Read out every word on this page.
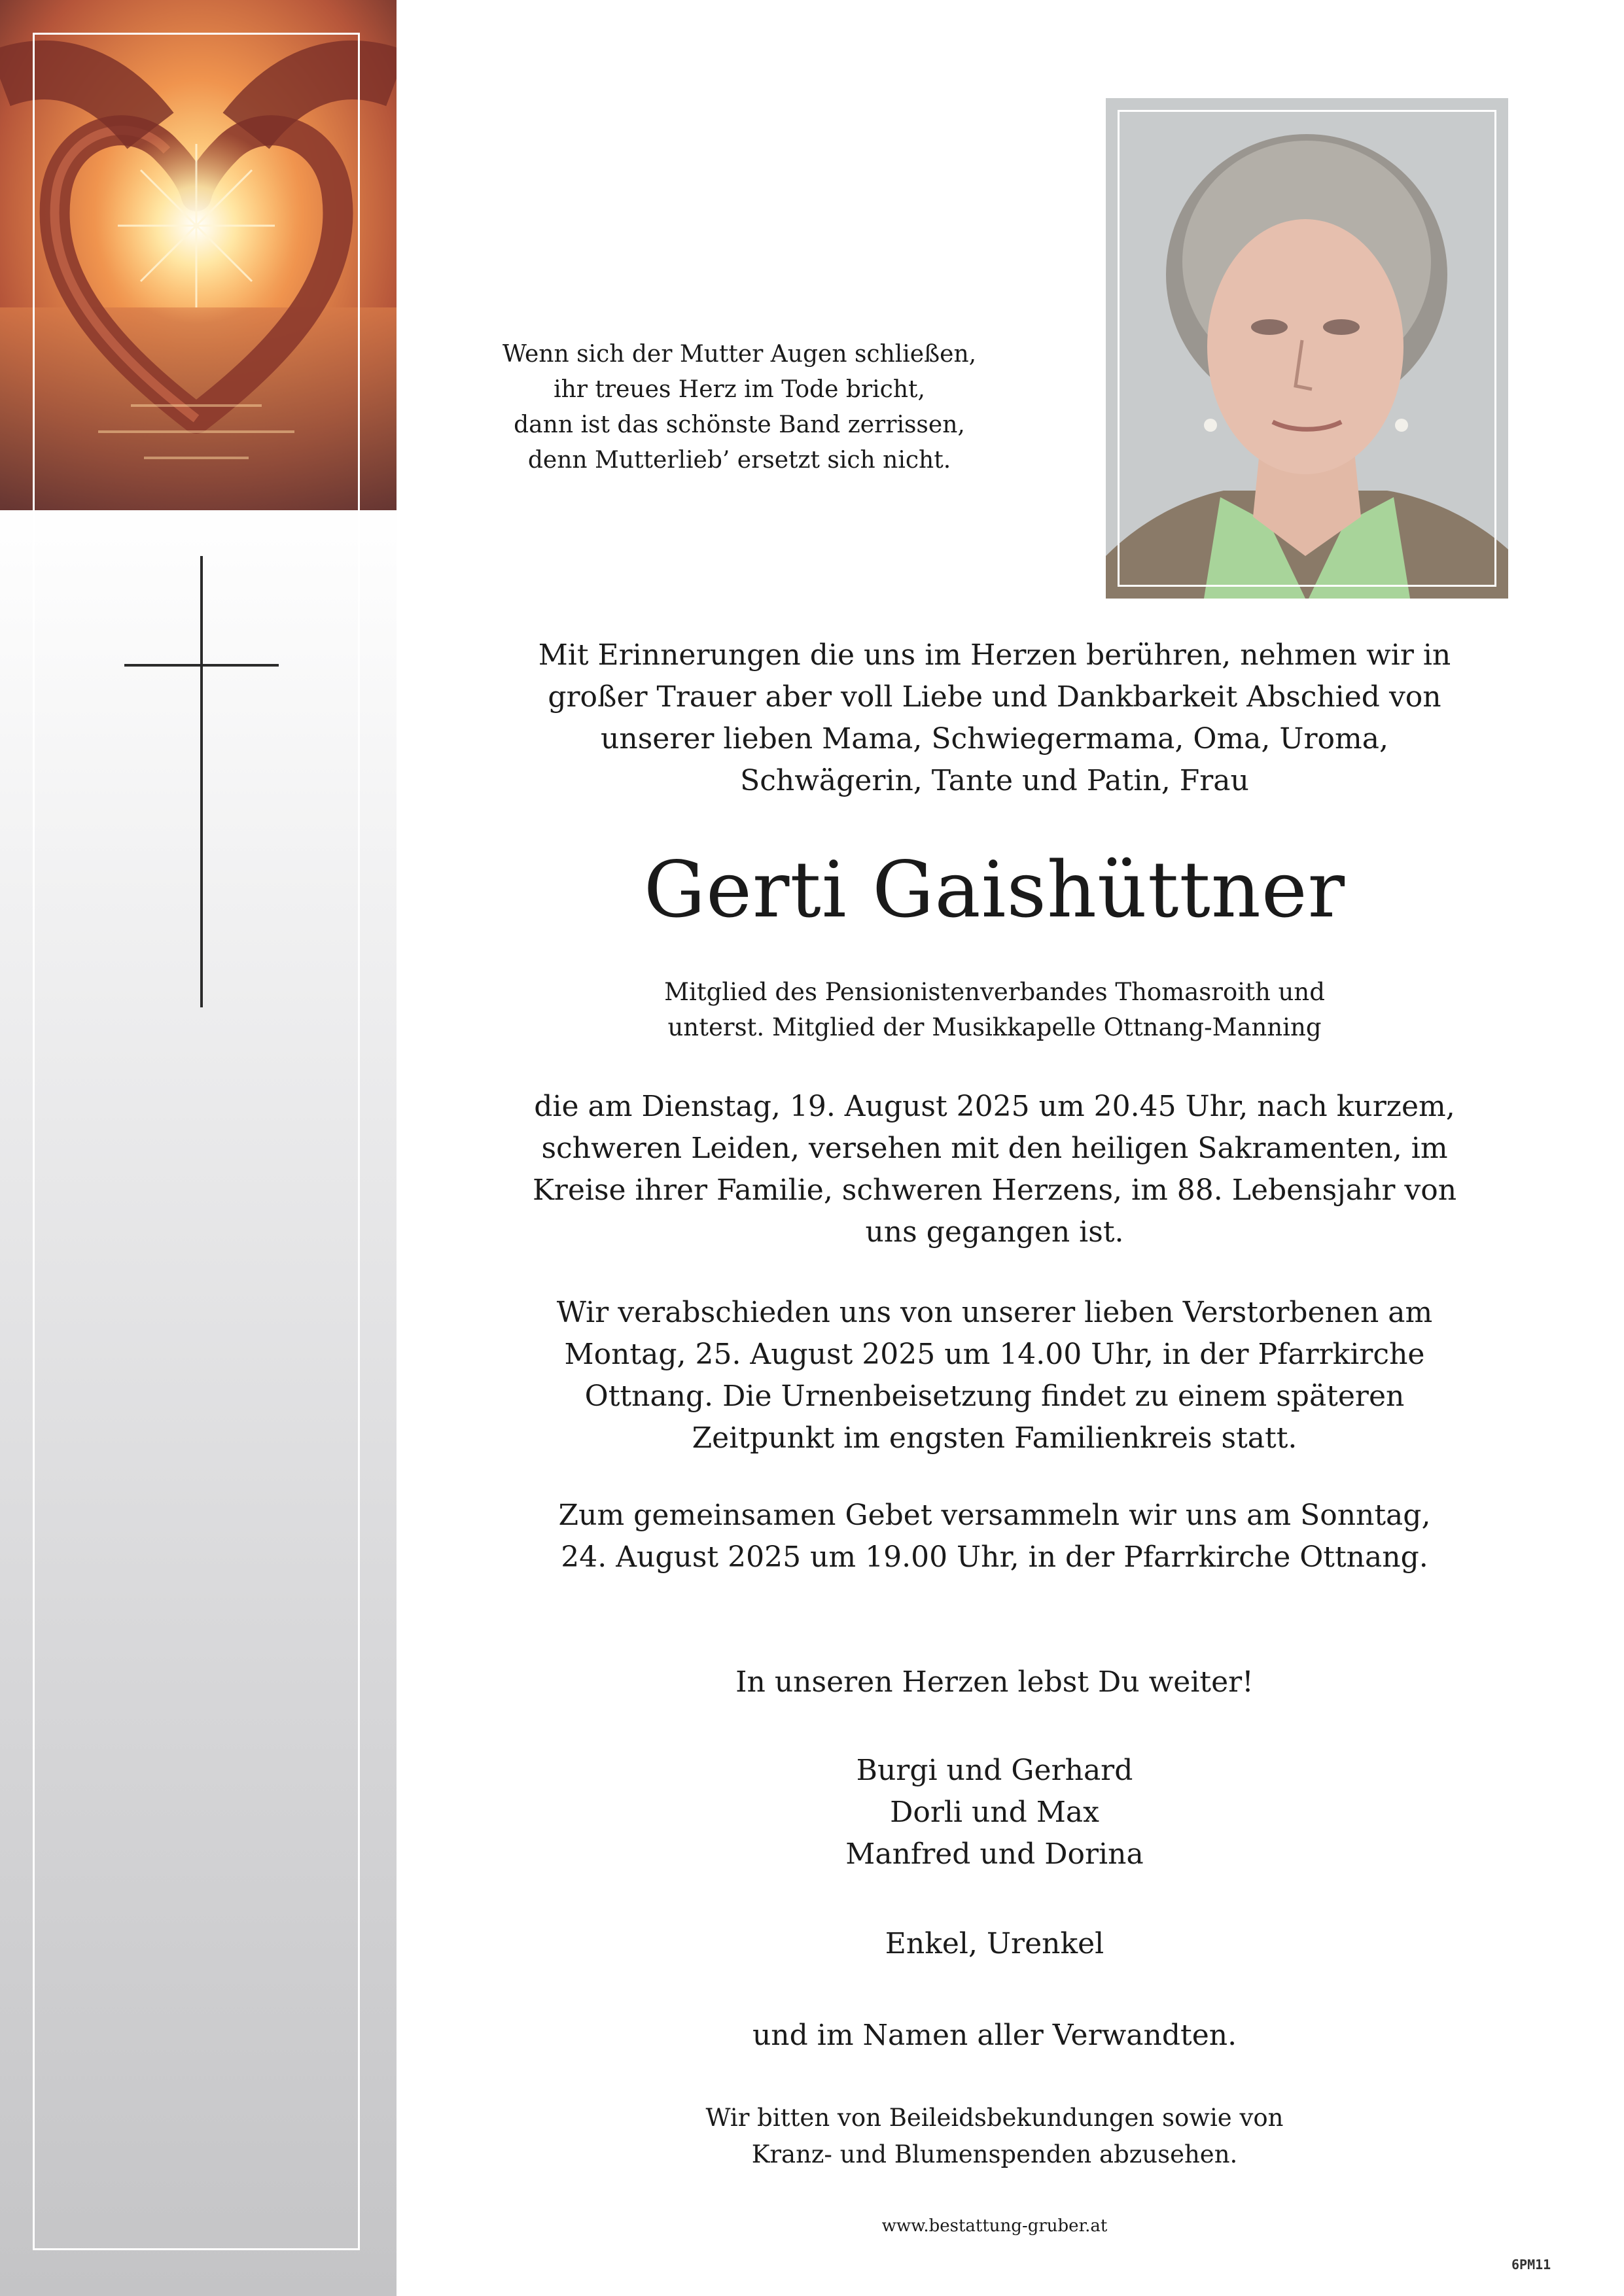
Wenn sich der Mutter Augen schließen,
ihr treues Herz im Tode bricht,
dann ist das schönste Band zerrissen,
denn Mutterlieb’ ersetzt sich nicht.
Mit Erinnerungen die uns im Herzen berühren, nehmen wir in
großer Trauer aber voll Liebe und Dankbarkeit Abschied von
unserer lieben Mama, Schwiegermama, Oma, Uroma,
Schwägerin, Tante und Patin, Frau
Gerti Gaishüttner
Mitglied des Pensionistenverbandes Thomasroith und
unterst. Mitglied der Musikkapelle Ottnang-Manning
die am Dienstag, 19. August 2025 um 20.45 Uhr, nach kurzem,
schweren Leiden, versehen mit den heiligen Sakramenten, im
Kreise ihrer Familie, schweren Herzens, im 88. Lebensjahr von
uns gegangen ist.
Wir verabschieden uns von unserer lieben Verstorbenen am
Montag, 25. August 2025 um 14.00 Uhr, in der Pfarrkirche
Ottnang. Die Urnenbeisetzung findet zu einem späteren
Zeitpunkt im engsten Familienkreis statt.
Zum gemeinsamen Gebet versammeln wir uns am Sonntag,
24. August 2025 um 19.00 Uhr, in der Pfarrkirche Ottnang.
In unseren Herzen lebst Du weiter!
Burgi und Gerhard
Dorli und Max
Manfred und Dorina
Enkel, Urenkel
und im Namen aller Verwandten.
Wir bitten von Beileidsbekundungen sowie von
Kranz- und Blumenspenden abzusehen.
www.bestattung-gruber.at
6PM11
